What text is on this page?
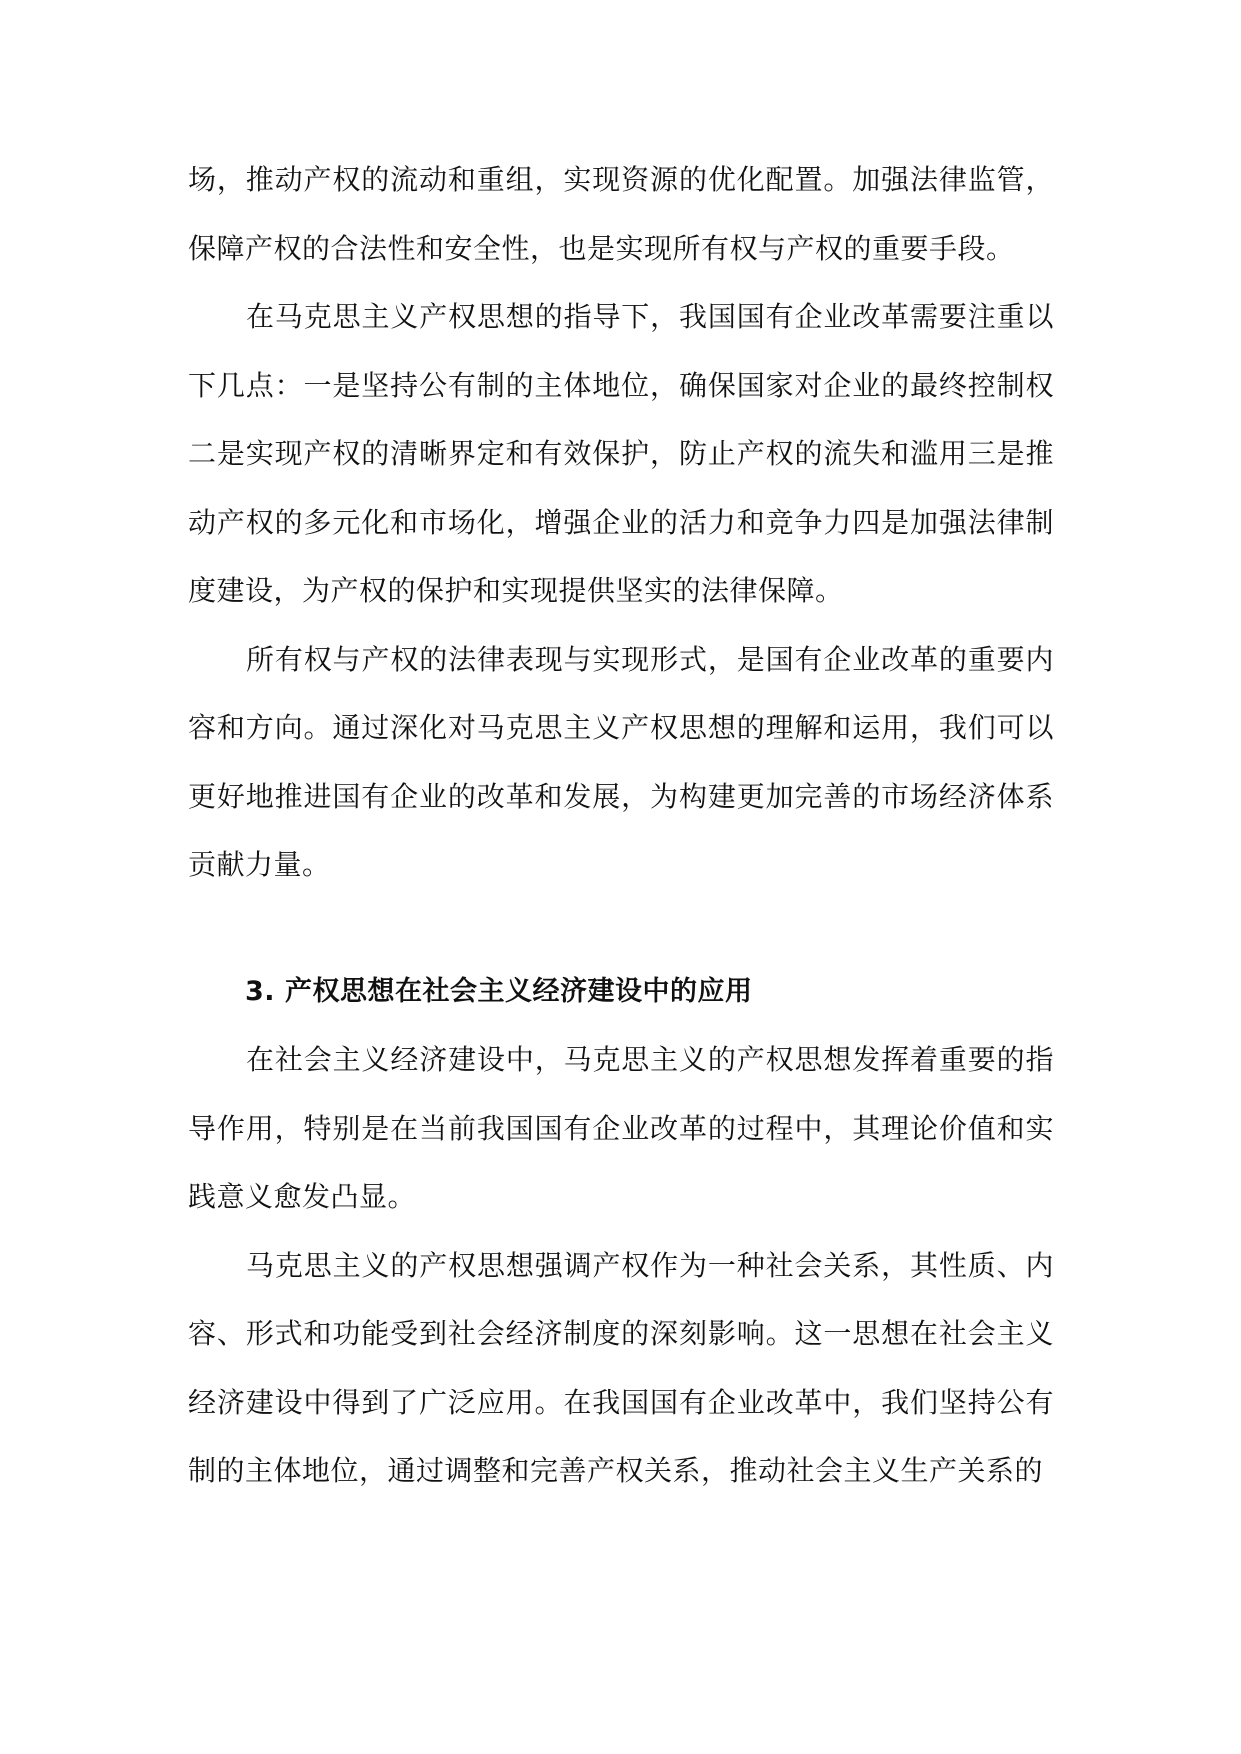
场，推动产权的流动和重组，实现资源的优化配置。加强法律监管，保障产权的合法性和安全性，也是实现所有权与产权的重要手段。

在马克思主义产权思想的指导下，我国国有企业改革需要注重以下几点：一是坚持公有制的主体地位，确保国家对企业的最终控制权二是实现产权的清晰界定和有效保护，防止产权的流失和滥用三是推动产权的多元化和市场化，增强企业的活力和竞争力四是加强法律制度建设，为产权的保护和实现提供坚实的法律保障。

所有权与产权的法律表现与实现形式，是国有企业改革的重要内容和方向。通过深化对马克思主义产权思想的理解和运用，我们可以更好地推进国有企业的改革和发展，为构建更加完善的市场经济体系贡献力量。

3. 产权思想在社会主义经济建设中的应用

在社会主义经济建设中，马克思主义的产权思想发挥着重要的指导作用，特别是在当前我国国有企业改革的过程中，其理论价值和实践意义愈发凸显。

马克思主义的产权思想强调产权作为一种社会关系，其性质、内容、形式和功能受到社会经济制度的深刻影响。这一思想在社会主义经济建设中得到了广泛应用。在我国国有企业改革中，我们坚持公有制的主体地位，通过调整和完善产权关系，推动社会主义生产关系的
